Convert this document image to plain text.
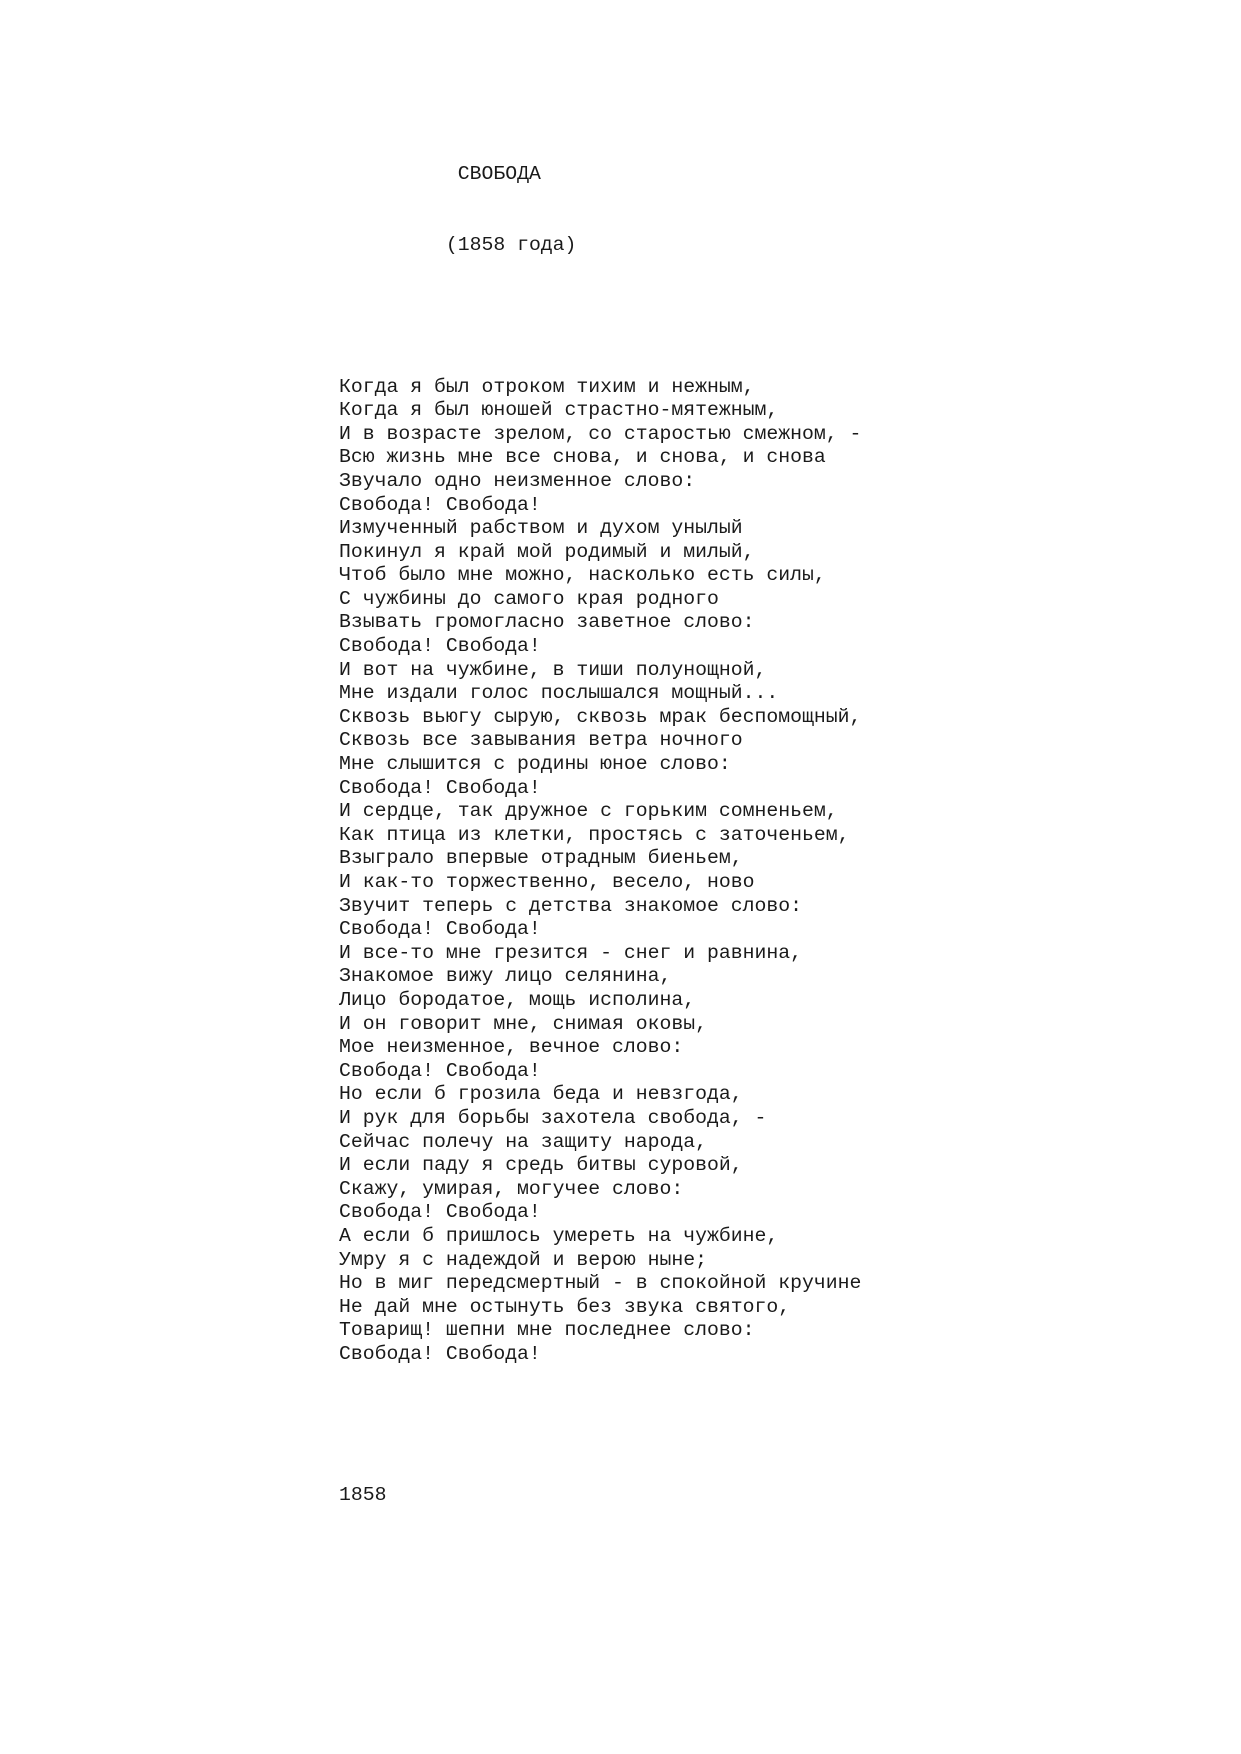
СВОБОДА

(1858 года)

Когда я был отроком тихим и нежным,
Когда я был юношей страстно-мятежным,
И в возрасте зрелом, со старостью смежном, -
Всю жизнь мне все снова, и снова, и снова
Звучало одно неизменное слово:
Свобода! Свобода!
Измученный рабством и духом унылый
Покинул я край мой родимый и милый,
Чтоб было мне можно, насколько есть силы,
С чужбины до самого края родного
Взывать громогласно заветное слово:
Свобода! Свобода!
И вот на чужбине, в тиши полунощной,
Мне издали голос послышался мощный...
Сквозь вьюгу сырую, сквозь мрак беспомощный,
Сквозь все завывания ветра ночного
Мне слышится с родины юное слово:
Свобода! Свобода!
И сердце, так дружное с горьким сомненьем,
Как птица из клетки, простясь с заточеньем,
Взыграло впервые отрадным биеньем,
И как-то торжественно, весело, ново
Звучит теперь с детства знакомое слово:
Свобода! Свобода!
И все-то мне грезится - снег и равнина,
Знакомое вижу лицо селянина,
Лицо бородатое, мощь исполина,
И он говорит мне, снимая оковы,
Мое неизменное, вечное слово:
Свобода! Свобода!
Но если б грозила беда и невзгода,
И рук для борьбы захотела свобода, -
Сейчас полечу на защиту народа,
И если паду я средь битвы суровой,
Скажу, умирая, могучее слово:
Свобода! Свобода!
А если б пришлось умереть на чужбине,
Умру я с надеждой и верою ныне;
Но в миг передсмертный - в спокойной кручине
Не дай мне остынуть без звука святого,
Товарищ! шепни мне последнее слово:
Свобода! Свобода!

1858
